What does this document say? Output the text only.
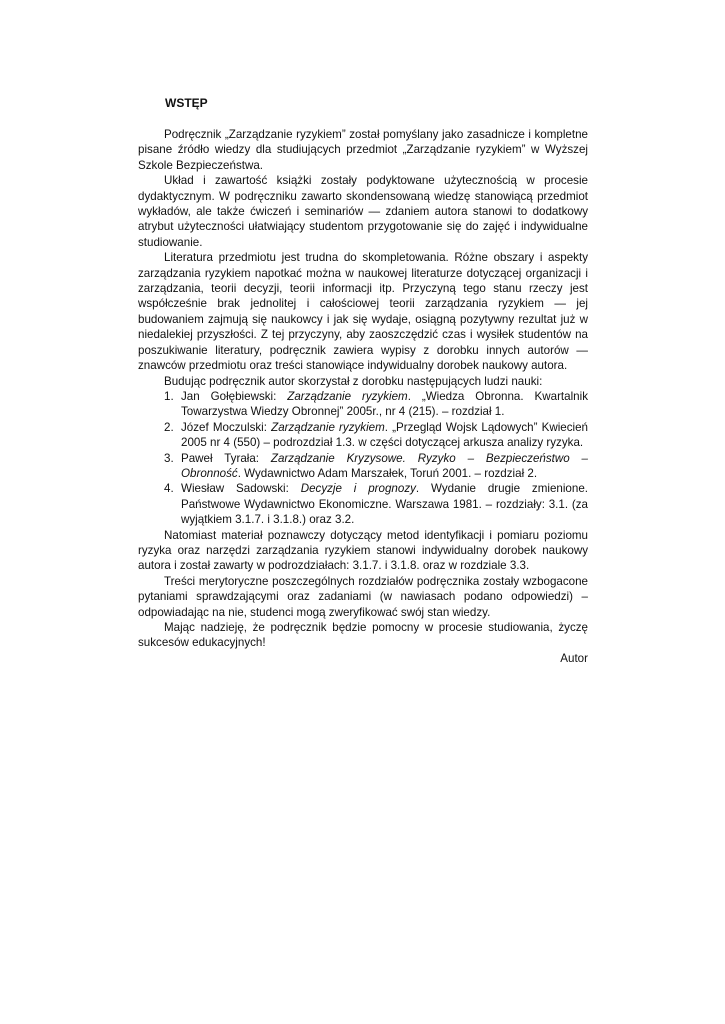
WSTĘP

Podręcznik „Zarządzanie ryzykiem” został pomyślany jako zasadnicze i kompletne pisane źródło wiedzy dla studiujących przedmiot „Zarządzanie ryzykiem” w Wyższej Szkole Bezpieczeństwa.

Układ i zawartość książki zostały podyktowane użytecznością w procesie dydaktycznym. W podręczniku zawarto skondensowaną wiedzę stanowiącą przedmiot wykładów, ale także ćwiczeń i seminariów — zdaniem autora stanowi to dodatkowy atrybut użyteczności ułatwiający studentom przygotowanie się do zajęć i indywidualne studiowanie.

Literatura przedmiotu jest trudna do skompletowania. Różne obszary i aspekty zarządzania ryzykiem napotkać można w naukowej literaturze dotyczącej organizacji i zarządzania, teorii decyzji, teorii informacji itp. Przyczyną tego stanu rzeczy jest współcześnie brak jednolitej i całościowej teorii zarządzania ryzykiem — jej budowaniem zajmują się naukowcy i jak się wydaje, osiągną pozytywny rezultat już w niedalekiej przyszłości. Z tej przyczyny, aby zaoszczędzić czas i wysiłek studentów na poszukiwanie literatury, podręcznik zawiera wypisy z dorobku innych autorów — znawców przedmiotu oraz treści stanowiące indywidualny dorobek naukowy autora.

Budując podręcznik autor skorzystał z dorobku następujących ludzi nauki:

1. Jan Gołębiewski: Zarządzanie ryzykiem. „Wiedza Obronna. Kwartalnik Towarzystwa Wiedzy Obronnej” 2005r., nr 4 (215). – rozdział 1.
2. Józef Moczulski: Zarządzanie ryzykiem. „Przegląd Wojsk Lądowych” Kwiecień 2005 nr 4 (550) – podrozdział 1.3. w części dotyczącej arkusza analizy ryzyka.
3. Paweł Tyrała: Zarządzanie Kryzysowe. Ryzyko – Bezpieczeństwo – Obronność. Wydawnictwo Adam Marszałek, Toruń 2001. – rozdział 2.
4. Wiesław Sadowski: Decyzje i prognozy. Wydanie drugie zmienione. Państwowe Wydawnictwo Ekonomiczne. Warszawa 1981. – rozdziały: 3.1. (za wyjątkiem 3.1.7. i 3.1.8.) oraz 3.2.

Natomiast materiał poznawczy dotyczący metod identyfikacji i pomiaru poziomu ryzyka oraz narzędzi zarządzania ryzykiem stanowi indywidualny dorobek naukowy autora i został zawarty w podrozdziałach: 3.1.7. i 3.1.8. oraz w rozdziale 3.3.

Treści merytoryczne poszczególnych rozdziałów podręcznika zostały wzbogacone pytaniami sprawdzającymi oraz zadaniami (w nawiasach podano odpowiedzi) – odpowiadając na nie, studenci mogą zweryfikować swój stan wiedzy.

Mając nadzieję, że podręcznik będzie pomocny w procesie studiowania, życzę sukcesów edukacyjnych!

Autor
